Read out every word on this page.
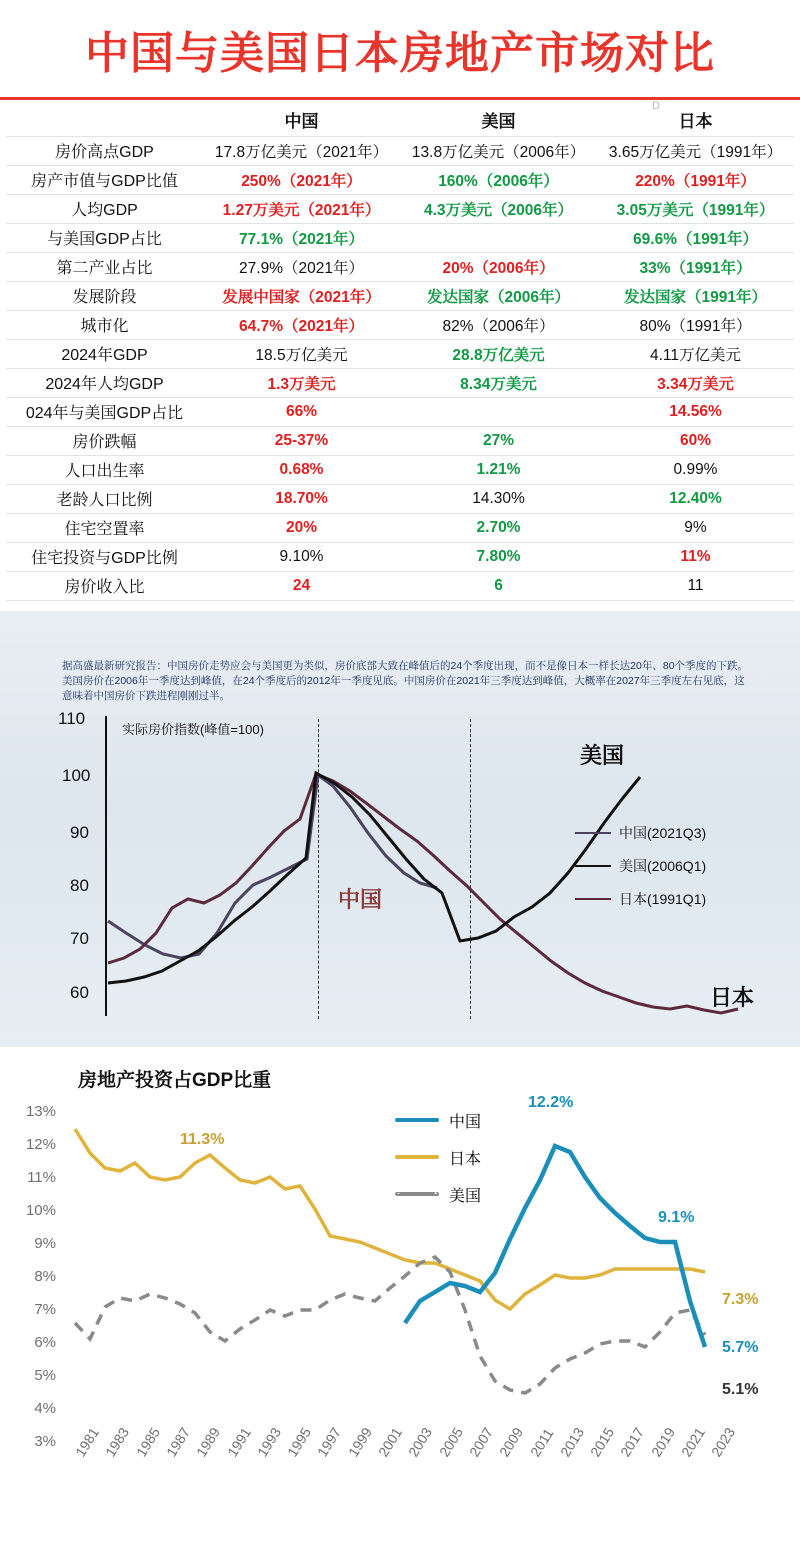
中国与美国日本房地产市场对比
D
	中国	美国	日本
房价高点GDP	17.8万亿美元（2021年）	13.8万亿美元（2006年）	3.65万亿美元（1991年）
房产市值与GDP比值	250%（2021年）	160%（2006年）	220%（1991年）
人均GDP	1.27万美元（2021年）	4.3万美元（2006年）	3.05万美元（1991年）
与美国GDP占比	77.1%（2021年）		69.6%（1991年）
第二产业占比	27.9%（2021年）	20%（2006年）	33%（1991年）
发展阶段	发展中国家（2021年）	发达国家（2006年）	发达国家（1991年）
城市化	64.7%（2021年）	82%（2006年）	80%（1991年）
2024年GDP	18.5万亿美元	28.8万亿美元	4.11万亿美元
2024年人均GDP	1.3万美元	8.34万美元	3.34万美元
024年与美国GDP占比	66%		14.56%
房价跌幅	25-37%	27%	60%
人口出生率	0.68%	1.21%	0.99%
老龄人口比例	18.70%	14.30%	12.40%
住宅空置率	20%	2.70%	9%
住宅投资与GDP比例	9.10%	7.80%	11%
房价收入比	24	6	11
据高盛最新研究报告：中国房价走势应会与美国更为类似，房价底部大致在峰值后的24个季度出现，而不是像日本一样长达20年、80个季度的下跌。美国房价在2006年一季度达到峰值，在24个季度后的2012年一季度见底。中国房价在2021年三季度达到峰值，大概率在2027年三季度左右见底，这意味着中国房价下跌进程刚刚过半。
实际房价指数(峰值=100)
110
100
90
80
70
60
中国
美国
日本
中国(2021Q3)
美国(2006Q1)
日本(1991Q1)
房地产投资占GDP比重
13%
12%
11%
10%
9%
8%
7%
6%
5%
4%
3% 1981 1983 1985 1987 1989 1991 1993 1995 1997 1999 2001 2003 2005 2007 2009 2011 2013 2015 2017 2019 2021 2023
中国
日本
美国
11.3%
12.2%
9.1%
7.3%
5.7%
5.1%
